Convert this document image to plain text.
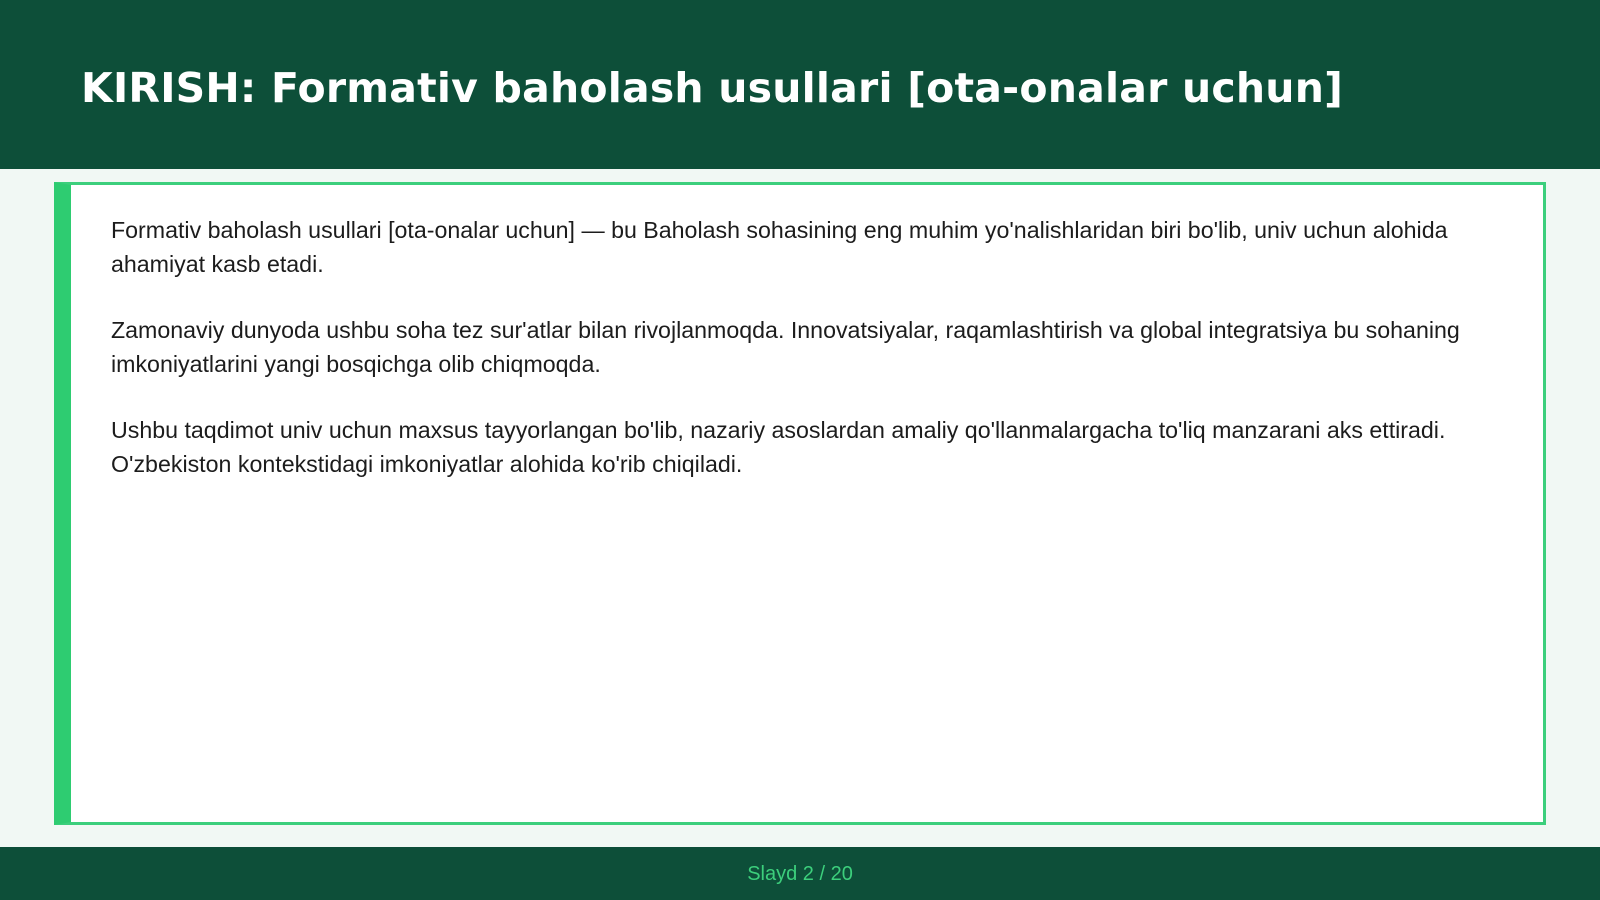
KIRISH: Formativ baholash usullari [ota-onalar uchun]

Formativ baholash usullari [ota-onalar uchun] — bu Baholash sohasining eng muhim yo'nalishlaridan biri bo'lib, univ uchun alohida ahamiyat kasb etadi.

Zamonaviy dunyoda ushbu soha tez sur'atlar bilan rivojlanmoqda. Innovatsiyalar, raqamlashtirish va global integratsiya bu sohaning imkoniyatlarini yangi bosqichga olib chiqmoqda.

Ushbu taqdimot univ uchun maxsus tayyorlangan bo'lib, nazariy asoslardan amaliy qo'llanmalargacha to'liq manzarani aks ettiradi. O'zbekiston kontekstidagi imkoniyatlar alohida ko'rib chiqiladi.

Slayd 2 / 20
